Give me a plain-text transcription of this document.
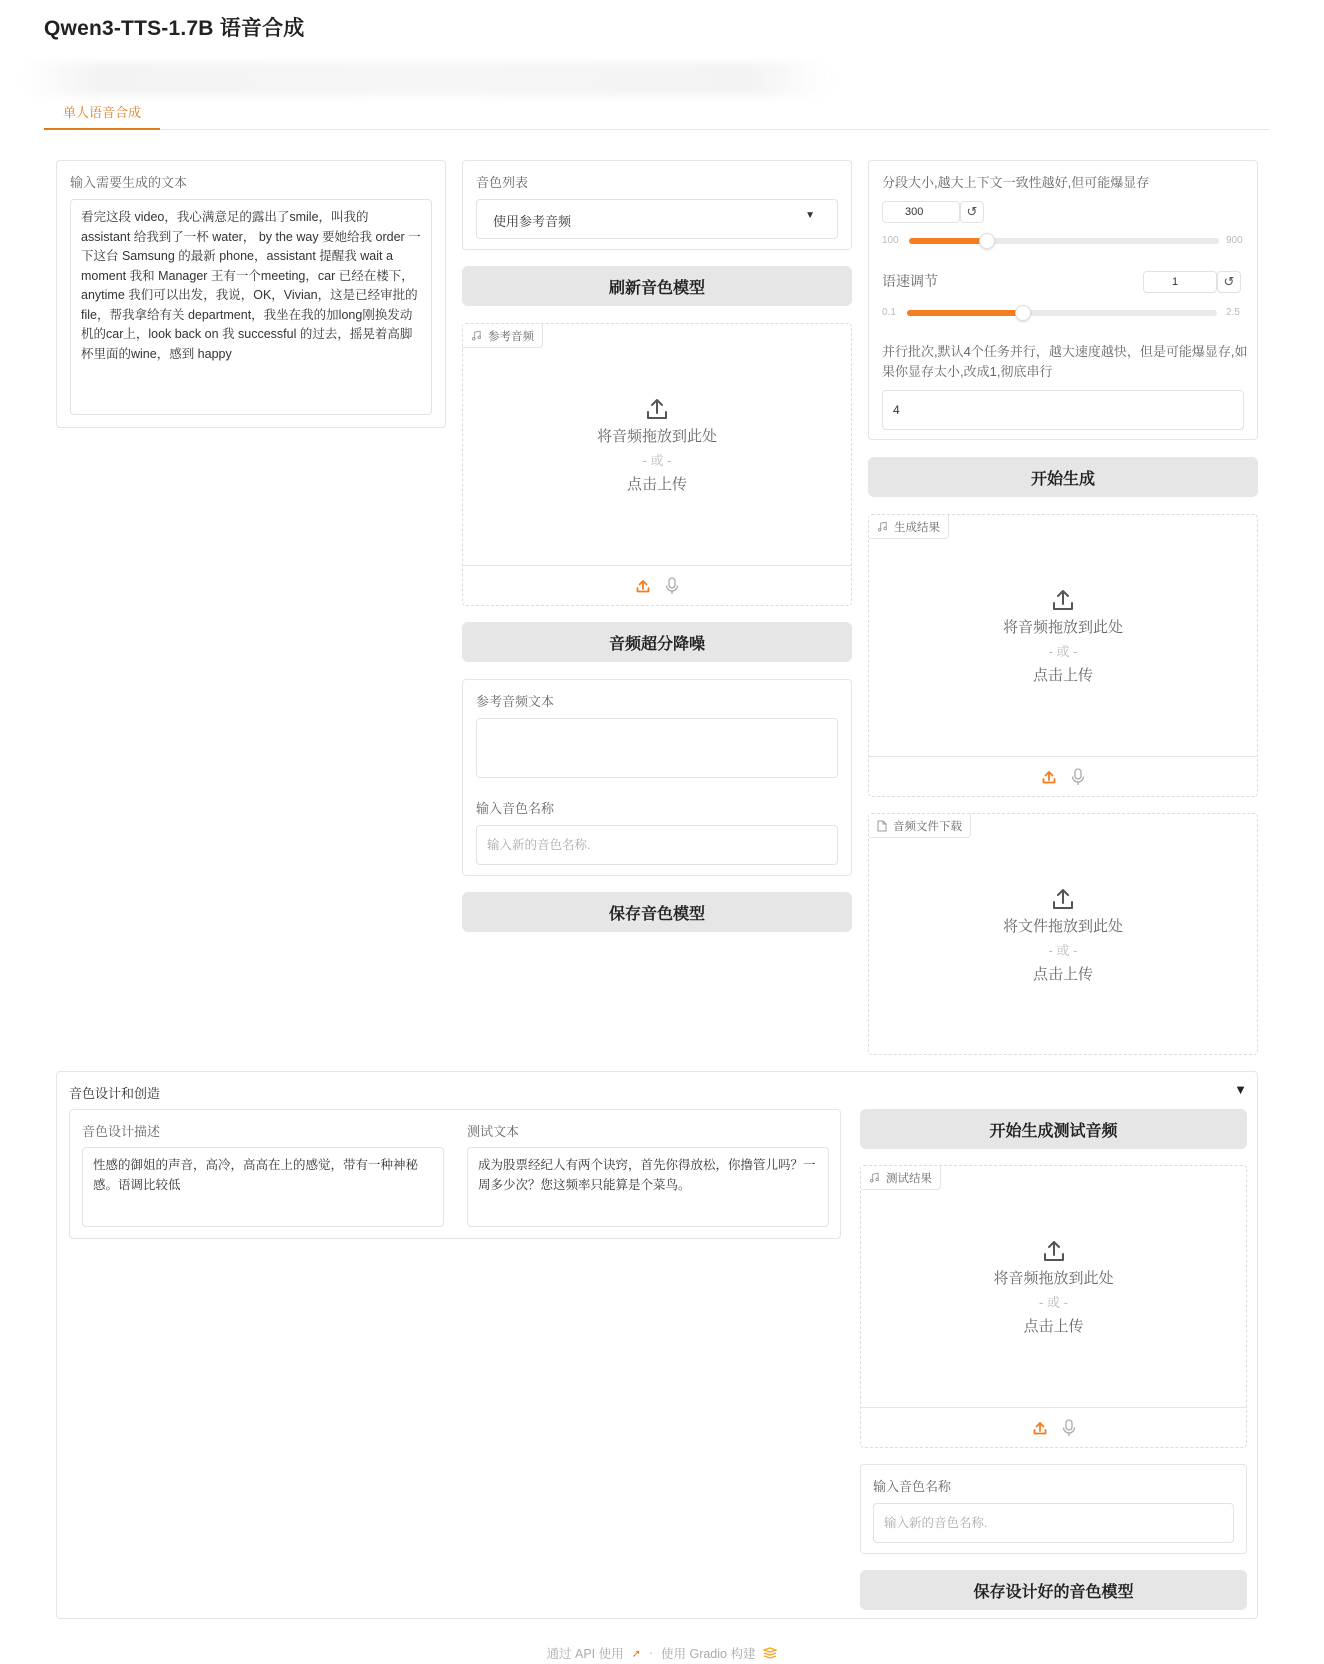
Qwen3-TTS-1.7B 语音合成
单人语音合成
输入需要生成的文本
看完这段 video，我心满意足的露出了smile，叫我的 assistant 给我到了一杯 water， by the way 要她给我 order 一下这台 Samsung 的最新 phone，assistant 提醒我 wait a moment 我和 Manager 王有一个meeting，car 已经在楼下，anytime 我们可以出发，我说，OK，Vivian，这是已经审批的 file，帮我拿给有关 department，我坐在我的加long刚换发动机的car上，look back on 我 successful 的过去，摇晃着高脚杯里面的wine，感到 happy
音色列表
使用参考音频	▼
刷新音色模型
参考音频
将音频拖放到此处
- 或 -
点击上传
音频超分降噪
参考音频文本
输入音色名称
输入新的音色名称.
保存音色模型
分段大小,越大上下文一致性越好,但可能爆显存
300	↺
100	900
语速调节	1	↺
0.1	2.5
并行批次,默认4个任务并行，越大速度越快，但是可能爆显存,如果你显存太小,改成1,彻底串行
4
开始生成
生成结果
将音频拖放到此处
- 或 -
点击上传
音频文件下载
将文件拖放到此处
- 或 -
点击上传
音色设计和创造	▼
音色设计描述
性感的御姐的声音，高冷，高高在上的感觉，带有一种神秘感。语调比较低
测试文本
成为股票经纪人有两个诀窍，首先你得放松，你撸管儿吗？一周多少次？您这频率只能算是个菜鸟。
开始生成测试音频
测试结果
将音频拖放到此处
- 或 -
点击上传
输入音色名称
输入新的音色名称.
保存设计好的音色模型
通过 API 使用 ➚ · 使用 Gradio 构建
